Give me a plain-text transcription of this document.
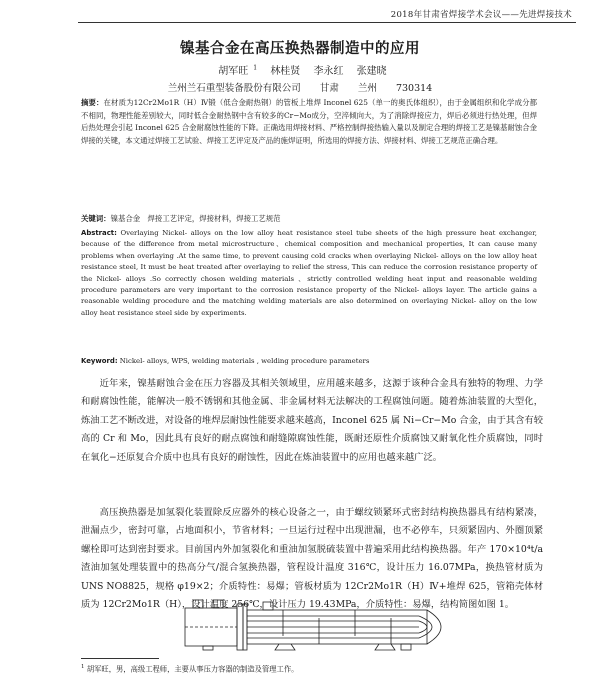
2018年甘肃省焊接学术会议——先进焊接技术
镍基合金在高压换热器制造中的应用
胡军旺 $^1$ 林桂贤 李永红 张建晓
兰州兰石重型装备股份有限公司 甘肃 兰州 730314
摘要：在材质为12Cr2Mo1R（H）Ⅳ锻（低合金耐热钢）的管板上堆焊 Inconel 625（单一的奥氏体组织），由于金属组织和化学成分都不相同，物理性能差别较大，同时低合金耐热钢中含有较多的Cr−Mo成分，空淬倾向大，为了消除焊接应力，焊后必须进行热处理，但焊后热处理会引起 Inconel 625 合金耐腐蚀性能的下降。正确选用焊接材料、严格控制焊接热输入量以及制定合理的焊接工艺是镍基耐蚀合金焊接的关键，本文通过焊接工艺试验、焊接工艺评定及产品的施焊证明，所选用的焊接方法、焊接材料、焊接工艺规范正确合理。
关键词：镍基合金　焊接工艺评定，焊接材料，焊接工艺规范
Abstract: Overlaying Nickel- alloys on the low alloy heat resistance steel tube sheets of the high pressure heat exchanger, because of the difference from metal microstructure、chemical composition and mechanical properties, It can cause many problems when overlaying .At the same time, to prevent causing cold cracks when overlaying Nickel- alloys on the low alloy heat resistance steel, It must be heat treated after overlaying to relief the stress, This can reduce the corrosion resistance property of the Nickel- alloys .So correctly chosen welding materials 、strictly controlled welding heat input and reasonable welding procedure parameters are very important to the corrosion resistance property of the Nickel- alloys layer. The article gains a reasonable welding procedure and the matching welding materials are also determined on overlaying Nickel- alloy on the low alloy heat resistance steel side by experiments.
Keyword: Nickel- alloys, WPS, welding materials , welding procedure parameters

近年来，镍基耐蚀合金在压力容器及其相关领域里，应用越来越多，这源于该种合金具有独特的物理、力学和耐腐蚀性能，能解决一般不锈钢和其他金属、非金属材料无法解决的工程腐蚀问题。随着炼油装置的大型化，炼油工艺不断改进，对设备的堆焊层耐蚀性能要求越来越高，Inconel 625 属 Ni−Cr−Mo 合金，由于其含有较高的 Cr 和 Mo，因此具有良好的耐点腐蚀和耐缝隙腐蚀性能，既耐还原性介质腐蚀又耐氧化性介质腐蚀，同时在氧化−还原复合介质中也具有良好的耐蚀性，因此在炼油装置中的应用也越来越广泛。

高压换热器是加氢裂化装置除反应器外的核心设备之一，由于螺纹锁紧环式密封结构换热器具有结构紧凑，泄漏点少，密封可靠，占地面积小，节省材料；一旦运行过程中出现泄漏，也不必停车，只须紧固内、外圈顶紧螺栓即可达到密封要求。目前国内外加氢裂化和重油加氢脱硫装置中普遍采用此结构换热器。年产 170×10⁴t/a 渣油加氢处理装置中的热高分气/混合氢换热器，管程设计温度 316℃，设计压力 16.07MPa，换热管材质为 UNS NO8825，规格 φ19×2；介质特性：易爆；管板材质为 12Cr2Mo1R（H）Ⅳ+堆焊 625，管箱壳体材质为 12Cr2Mo1R（H），设计温度 256℃，设计压力 19.43MPa，介质特性：易爆，结构简图如图 1。

$^1$ 胡军旺，男，高级工程师，主要从事压力容器的制造及管理工作。
